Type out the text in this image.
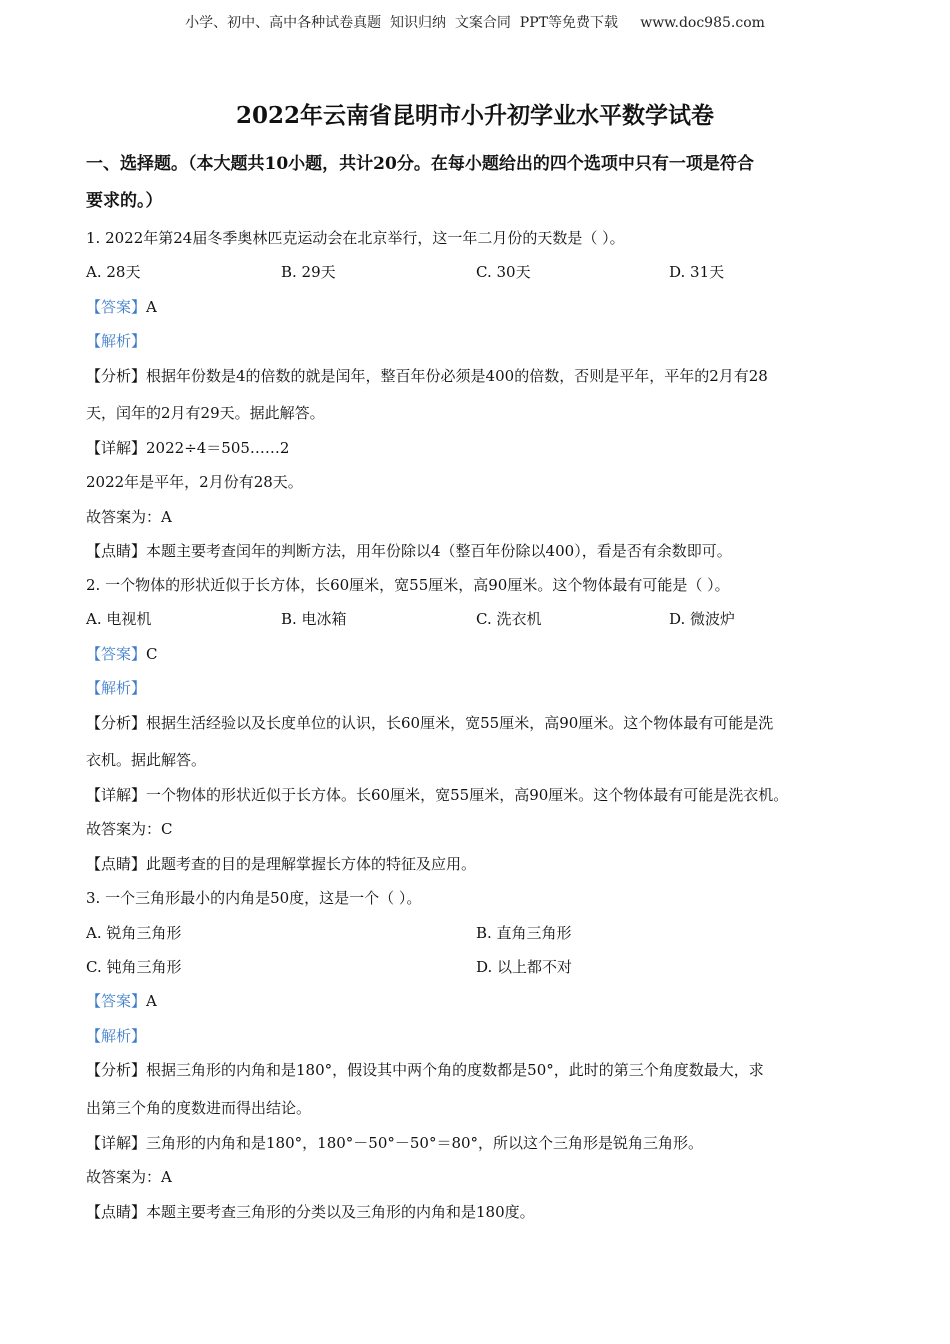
小学、初中、高中各种试卷真题  知识归纳  文案合同  PPT等免费下载     www.doc985.com
2022年云南省昆明市小升初学业水平数学试卷
一、选择题。（本大题共10小题，共计20分。在每小题给出的四个选项中只有一项是符合
要求的。）
1. 2022年第24届冬季奥林匹克运动会在北京举行，这一年二月份的天数是（ ）。
A. 28天	B. 29天	C. 30天	D. 31天
【答案】A
【解析】
【分析】根据年份数是4的倍数的就是闰年，整百年份必须是400的倍数，否则是平年，平年的2月有28
天，闰年的2月有29天。据此解答。
【详解】2022÷4＝505……2
2022年是平年，2月份有28天。
故答案为：A
【点睛】本题主要考查闰年的判断方法，用年份除以4（整百年份除以400），看是否有余数即可。
2. 一个物体的形状近似于长方体，长60厘米，宽55厘米，高90厘米。这个物体最有可能是（ ）。
A. 电视机	B. 电冰箱	C. 洗衣机	D. 微波炉
【答案】C
【解析】
【分析】根据生活经验以及长度单位的认识，长60厘米，宽55厘米，高90厘米。这个物体最有可能是洗
衣机。据此解答。
【详解】一个物体的形状近似于长方体。长60厘米，宽55厘米，高90厘米。这个物体最有可能是洗衣机。
故答案为：C
【点睛】此题考查的目的是理解掌握长方体的特征及应用。
3. 一个三角形最小的内角是50度，这是一个（ ）。
A. 锐角三角形	B. 直角三角形
C. 钝角三角形	D. 以上都不对
【答案】A
【解析】
【分析】根据三角形的内角和是180°，假设其中两个角的度数都是50°，此时的第三个角度数最大，求
出第三个角的度数进而得出结论。
【详解】三角形的内角和是180°，180°－50°－50°＝80°，所以这个三角形是锐角三角形。
故答案为：A
【点睛】本题主要考查三角形的分类以及三角形的内角和是180度。
